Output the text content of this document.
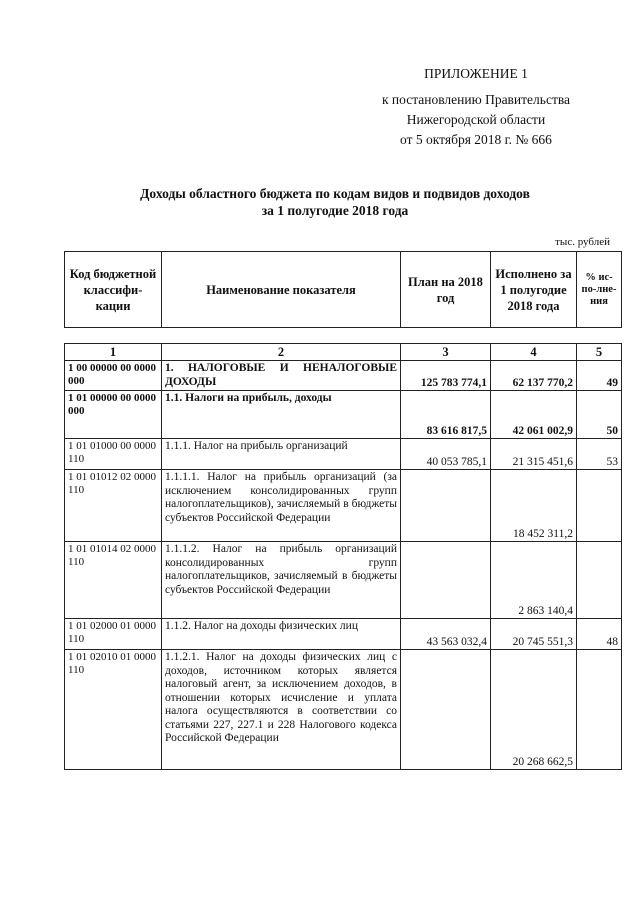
ПРИЛОЖЕНИЕ 1
к постановлению Правительства
Нижегородской области
от 5 октября 2018 г. № 666
Доходы областного бюджета по кодам видов и подвидов доходов
за 1 полугодие 2018 года
тыс. рублей
Код бюджетной классифи-кации	Наименование показателя	План на 2018 год	Исполнено за 1 полугодие 2018 года	% ис-по-лне-ния
1	2	3	4	5
1 00 00000 00 0000 000	1. НАЛОГОВЫЕ И НЕНАЛОГОВЫЕ ДОХОДЫ	125 783 774,1	62 137 770,2	49
1 01 00000 00 0000 000	1.1. Налоги на прибыль, доходы	83 616 817,5	42 061 002,9	50
1 01 01000 00 0000 110	1.1.1. Налог на прибыль организаций	40 053 785,1	21 315 451,6	53
1 01 01012 02 0000 110	1.1.1.1. Налог на прибыль организаций (за исключением консолидированных групп налогоплательщиков), зачисляемый в бюджеты субъектов Российской Федерации		18 452 311,2	
1 01 01014 02 0000 110	1.1.1.2. Налог на прибыль организаций консолидированных групп налогоплательщиков, зачисляемый в бюджеты субъектов Российской Федерации		2 863 140,4	
1 01 02000 01 0000 110	1.1.2. Налог на доходы физических лиц	43 563 032,4	20 745 551,3	48
1 01 02010 01 0000 110	1.1.2.1. Налог на доходы физических лиц с доходов, источником которых является налоговый агент, за исключением доходов, в отношении которых исчисление и уплата налога осуществляются в соответствии со статьями 227, 227.1 и 228 Налогового кодекса Российской Федерации		20 268 662,5	
